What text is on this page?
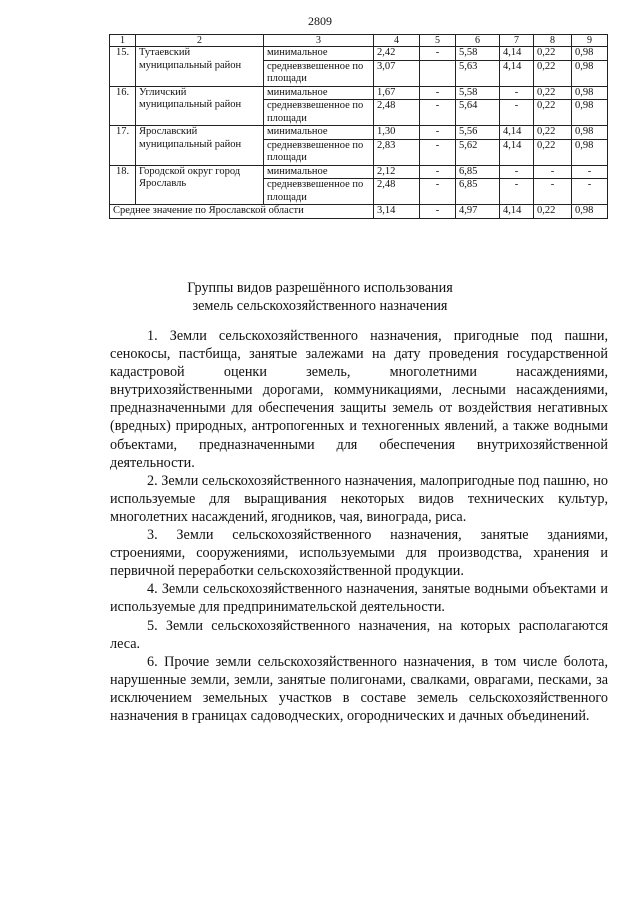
2809
1	2	3	4	5	6	7	8	9
15.	Тутаевский муниципальный район	минимальное	2,42	-	5,58	4,14	0,22	0,98
		средневзвешенное по площади	3,07		5,63	4,14	0,22	0,98
16.	Угличский муниципальный район	минимальное	1,67	-	5,58	-	0,22	0,98
		средневзвешенное по площади	2,48	-	5,64	-	0,22	0,98
17.	Ярославский муниципальный район	минимальное	1,30	-	5,56	4,14	0,22	0,98
		средневзвешенное по площади	2,83	-	5,62	4,14	0,22	0,98
18.	Городской округ город Ярославль	минимальное	2,12	-	6,85	-	-	-
		средневзвешенное по площади	2,48	-	6,85	-	-	-
Среднее значение по Ярославской области			3,14	-	4,97	4,14	0,22	0,98
Группы видов разрешённого использования
земель сельскохозяйственного назначения

1. Земли сельскохозяйственного назначения, пригодные под пашни, сенокосы, пастбища, занятые залежами на дату проведения государственной кадастровой оценки земель, многолетними насаждениями, внутрихозяйственными дорогами, коммуникациями, лесными насаждениями, предназначенными для обеспечения защиты земель от воздействия негативных (вредных) природных, антропогенных и техногенных явлений, а также водными объектами, предназначенными для обеспечения внутрихозяйственной деятельности.

2. Земли сельскохозяйственного назначения, малопригодные под пашню, но используемые для выращивания некоторых видов технических культур, многолетних насаждений, ягодников, чая, винограда, риса.

3. Земли сельскохозяйственного назначения, занятые зданиями, строениями, сооружениями, используемыми для производства, хранения и первичной переработки сельскохозяйственной продукции.

4. Земли сельскохозяйственного назначения, занятые водными объектами и используемые для предпринимательской деятельности.

5. Земли сельскохозяйственного назначения, на которых располагаются леса.

6. Прочие земли сельскохозяйственного назначения, в том числе болота, нарушенные земли, земли, занятые полигонами, свалками, оврагами, песками, за исключением земельных участков в составе земель сельскохозяйственного назначения в границах садоводческих, огороднических и дачных объединений.
